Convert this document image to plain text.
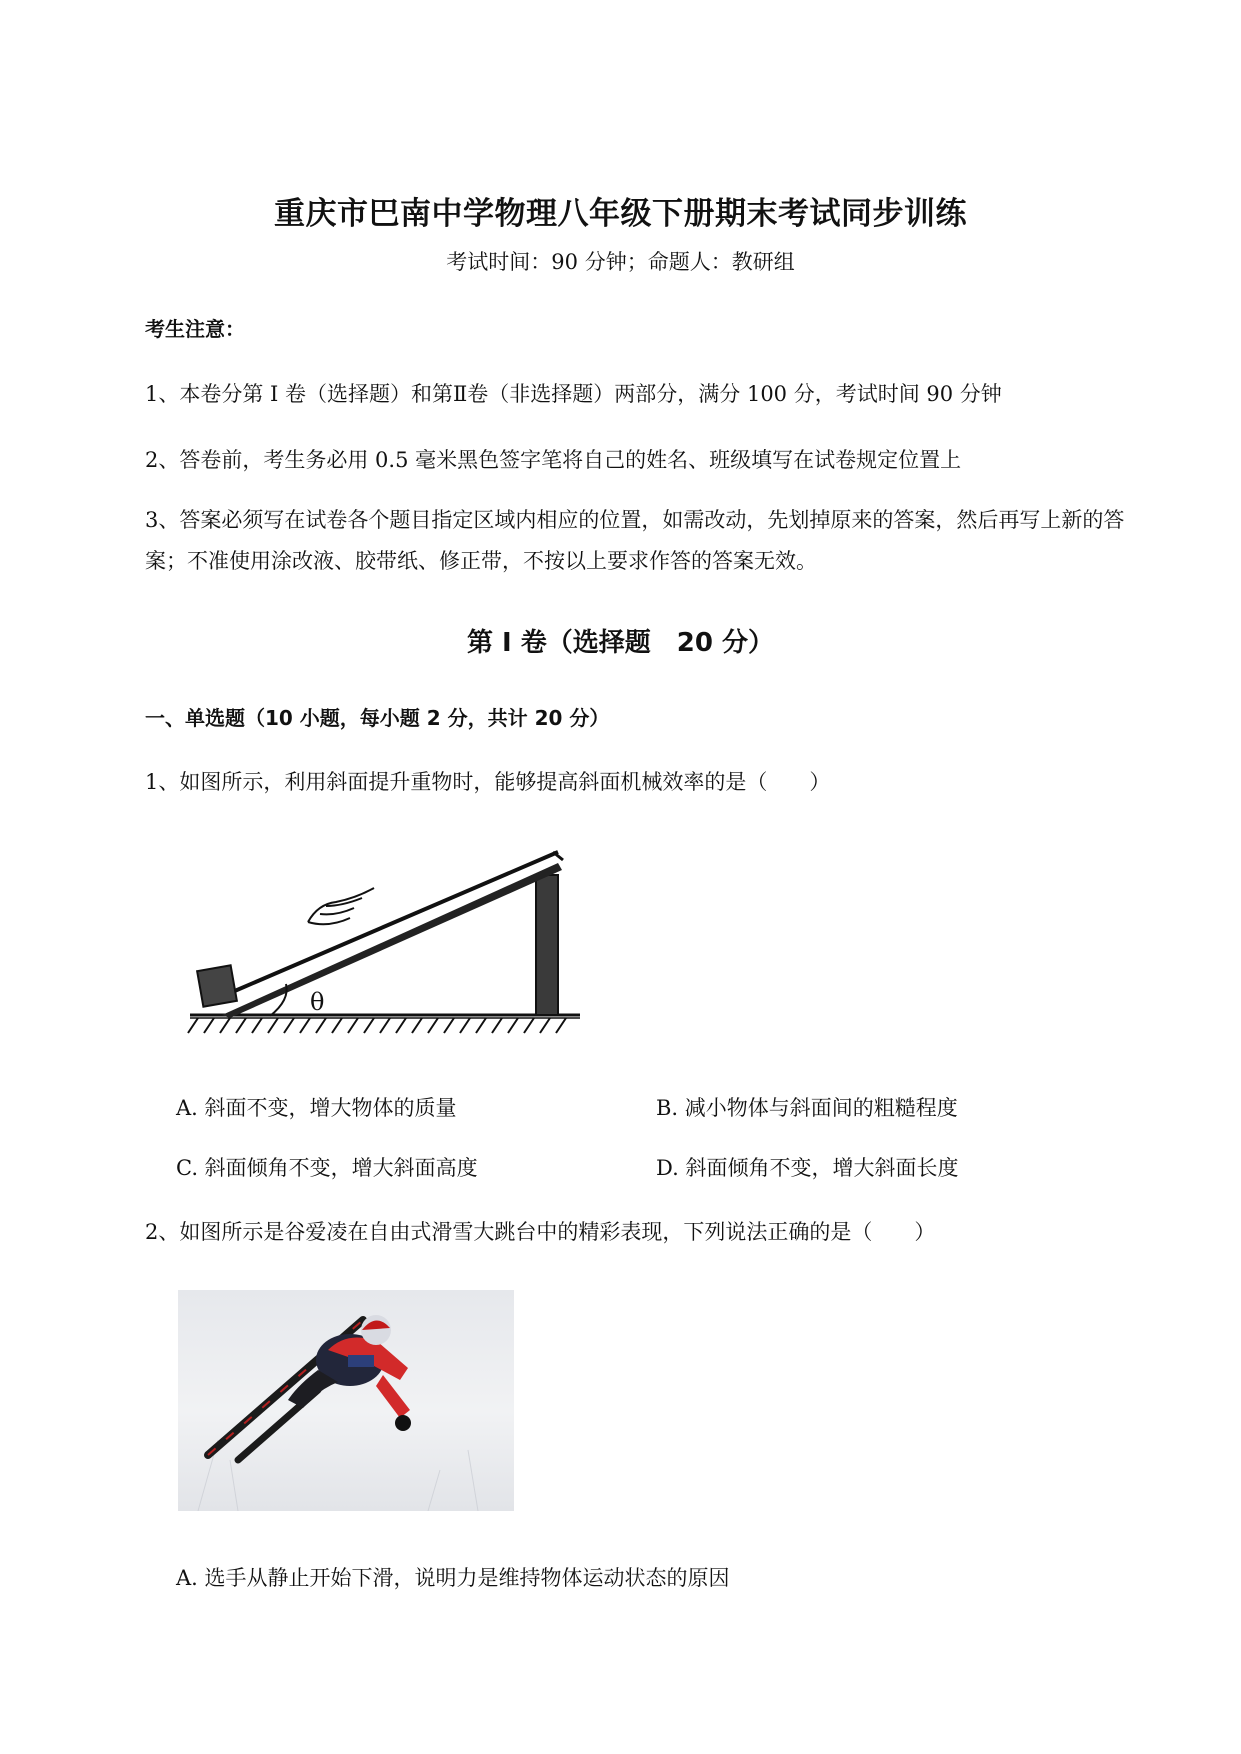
重庆市巴南中学物理八年级下册期末考试同步训练
考试时间：90 分钟；命题人：教研组
考生注意：
1、本卷分第 I 卷（选择题）和第Ⅱ卷（非选择题）两部分，满分 100 分，考试时间 90 分钟
2、答卷前，考生务必用 0.5 毫米黑色签字笔将自己的姓名、班级填写在试卷规定位置上
3、答案必须写在试卷各个题目指定区域内相应的位置，如需改动，先划掉原来的答案，然后再写上新的答案；不准使用涂改液、胶带纸、修正带，不按以上要求作答的答案无效。
第 I 卷（选择题　20 分）
一、单选题（10 小题，每小题 2 分，共计 20 分）
1、如图所示，利用斜面提升重物时，能够提高斜面机械效率的是（　　）
θ
A. 斜面不变，增大物体的质量	B. 减小物体与斜面间的粗糙程度
C. 斜面倾角不变，增大斜面高度	D. 斜面倾角不变，增大斜面长度
2、如图所示是谷爱凌在自由式滑雪大跳台中的精彩表现，下列说法正确的是（　　）
A. 选手从静止开始下滑，说明力是维持物体运动状态的原因
